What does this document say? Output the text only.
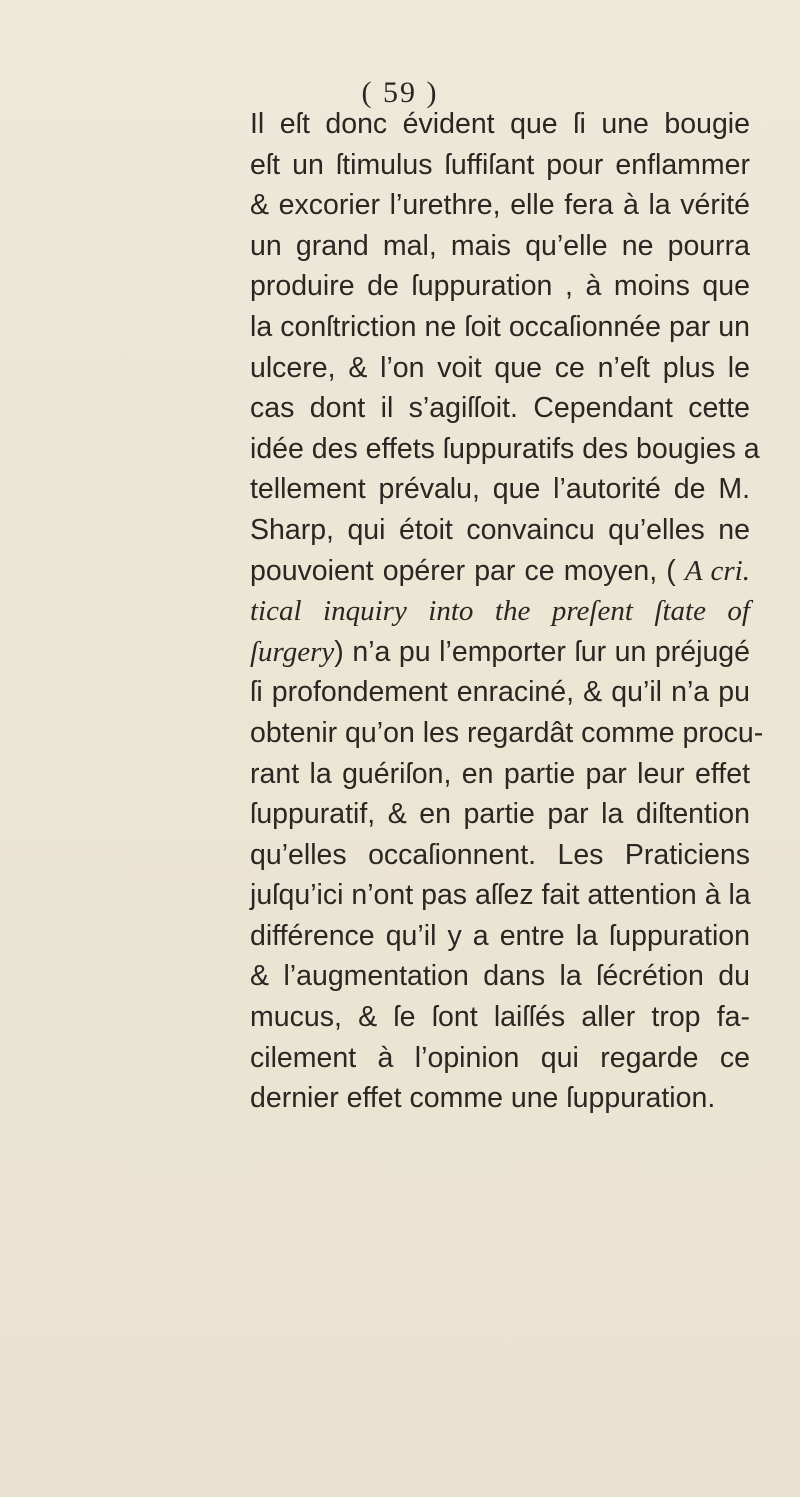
( 59 )
Il eſt donc évident que ſi une bougie
eſt un ſtimulus ſuffiſant pour enflammer
& excorier l’urethre, elle fera à la vérité
un grand mal, mais qu’elle ne pourra
produire de ſuppuration , à moins que
la conſtriction ne ſoit occaſionnée par un
ulcere, & l’on voit que ce n’eſt plus le
cas dont il s’agiſſoit. Cependant cette
idée des effets ſuppuratifs des bougies a
tellement prévalu, que l’autorité de M.
Sharp, qui étoit convaincu qu’elles ne
pouvoient opérer par ce moyen, ( A cri.
tical inquiry into the preſent ſtate of
ſurgery) n’a pu l’emporter ſur un préjugé
ſi profondement enraciné, & qu’il n’a pu
obtenir qu’on les regardât comme procu-
rant la guériſon, en partie par leur effet
ſuppuratif, & en partie par la diſtention
qu’elles occaſionnent. Les Praticiens
juſqu’ici n’ont pas aſſez fait attention à la
différence qu’il y a entre la ſuppuration
& l’augmentation dans la ſécrétion du
mucus, & ſe ſont laiſſés aller trop fa-
cilement à l’opinion qui regarde ce
dernier effet comme une ſuppuration.
